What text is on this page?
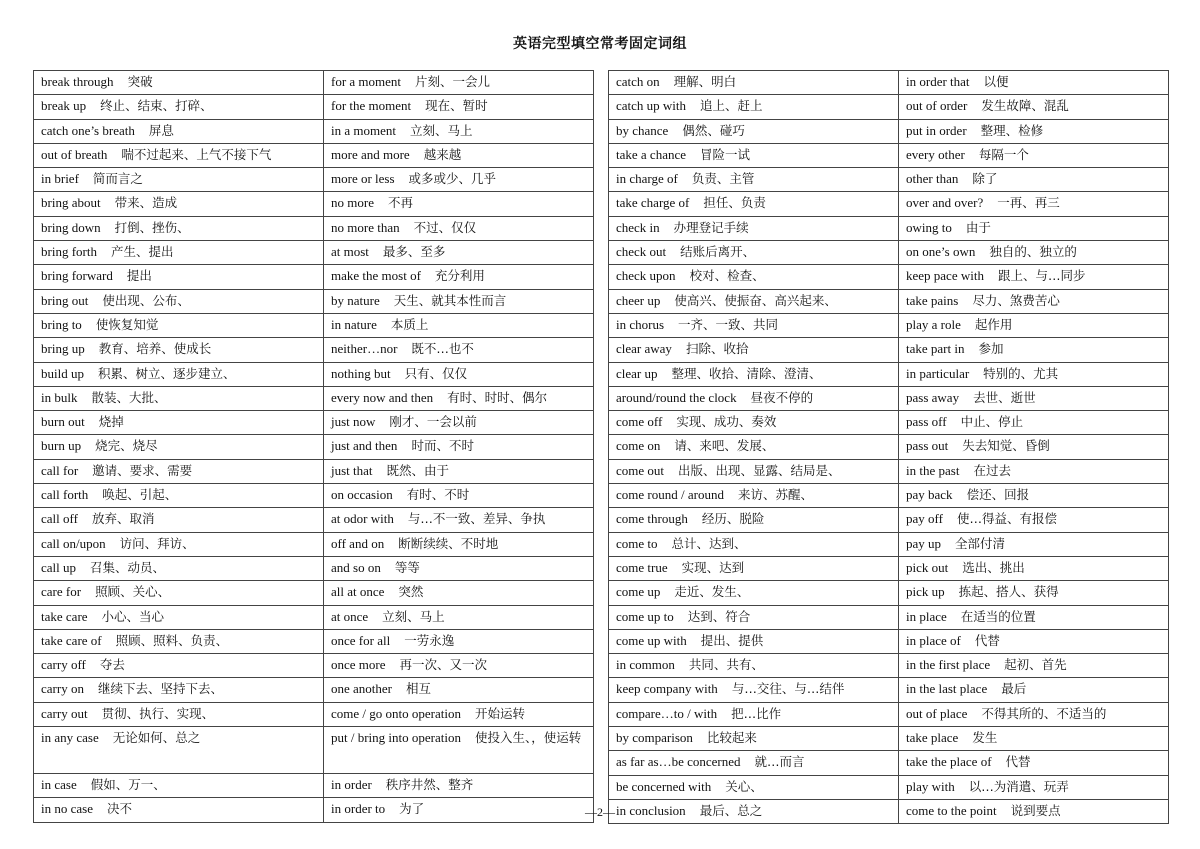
英语完型填空常考固定词组
break through 突破	for a moment 片刻、一会儿
break up 终止、结束、打碎、	for the moment 现在、暂时
catch one’s breath 屏息	in a moment 立刻、马上
out of breath 喘不过起来、上气不接下气	more and more 越来越
in brief 简而言之	more or less 或多或少、几乎
bring about 带来、造成	no more 不再
bring down 打倒、挫伤、	no more than 不过、仅仅
bring forth 产生、提出	at most 最多、至多
bring forward 提出	make the most of 充分利用
bring out 使出现、公布、	by nature 天生、就其本性而言
bring to 使恢复知觉	in nature 本质上
bring up 教育、培养、使成长	neither…nor 既不…也不
build up 积累、树立、逐步建立、	nothing but 只有、仅仅
in bulk 散装、大批、	every now and then 有时、时时、偶尔
burn out 烧掉	just now 刚才、一会以前
burn up 烧完、烧尽	just and then 时而、不时
call for 邀请、要求、需要	just that 既然、由于
call forth 唤起、引起、	on occasion 有时、不时
call off 放弃、取消	at odor with 与…不一致、差异、争执
call on/upon 访问、拜访、	off and on 断断续续、不时地
call up 召集、动员、	and so on 等等
care for 照顾、关心、	all at once 突然
take care 小心、当心	at once 立刻、马上
take care of 照顾、照料、负责、	once for all 一劳永逸
carry off 夺去	once more 再一次、又一次
carry on 继续下去、坚持下去、	one another 相互
carry out 贯彻、执行、实现、	come / go onto operation 开始运转
in any case 无论如何、总之	put / bring into operation 使投入生、，使运转
in case 假如、万一、	in order 秩序井然、整齐
in no case 决不	in order to 为了
catch on 理解、明白	in order that 以便
catch up with 追上、赶上	out of order 发生故障、混乱
by chance 偶然、碰巧	put in order 整理、检修
take a chance 冒险一试	every other 每隔一个
in charge of 负责、主管	other than 除了
take charge of 担任、负责	over and over? 一再、再三
check in 办理登记手续	owing to 由于
check out 结账后离开、	on one’s own 独自的、独立的
check upon 校对、检查、	keep pace with 跟上、与…同步
cheer up 使高兴、使振奋、高兴起来、	take pains 尽力、煞费苦心
in chorus 一齐、一致、共同	play a role 起作用
clear away 扫除、收拾	take part in 参加
clear up 整理、收拾、清除、澄清、	in particular 特别的、尤其
around/round the clock 昼夜不停的	pass away 去世、逝世
come off 实现、成功、奏效	pass off 中止、停止
come on 请、来吧、发展、	pass out 失去知觉、昏倒
come out 出版、出现、显露、结局是、	in the past 在过去
come round / around 来访、苏醒、	pay back 偿还、回报
come through 经历、脱险	pay off 使…得益、有报偿
come to 总计、达到、	pay up 全部付清
come true 实现、达到	pick out 选出、挑出
come up 走近、发生、	pick up 拣起、搭人、获得
come up to 达到、符合	in place 在适当的位置
come up with 提出、提供	in place of 代替
in common 共同、共有、	in the first place 起初、首先
keep company with 与…交往、与…结伴	in the last place 最后
compare…to / with 把…比作	out of place 不得其所的、不适当的
by comparison 比较起来	take place 发生
as far as…be concerned 就…而言	take the place of 代替
be concerned with 关心、	play with 以…为消遣、玩弄
in conclusion 最后、总之	come to the point 说到要点
—2—
